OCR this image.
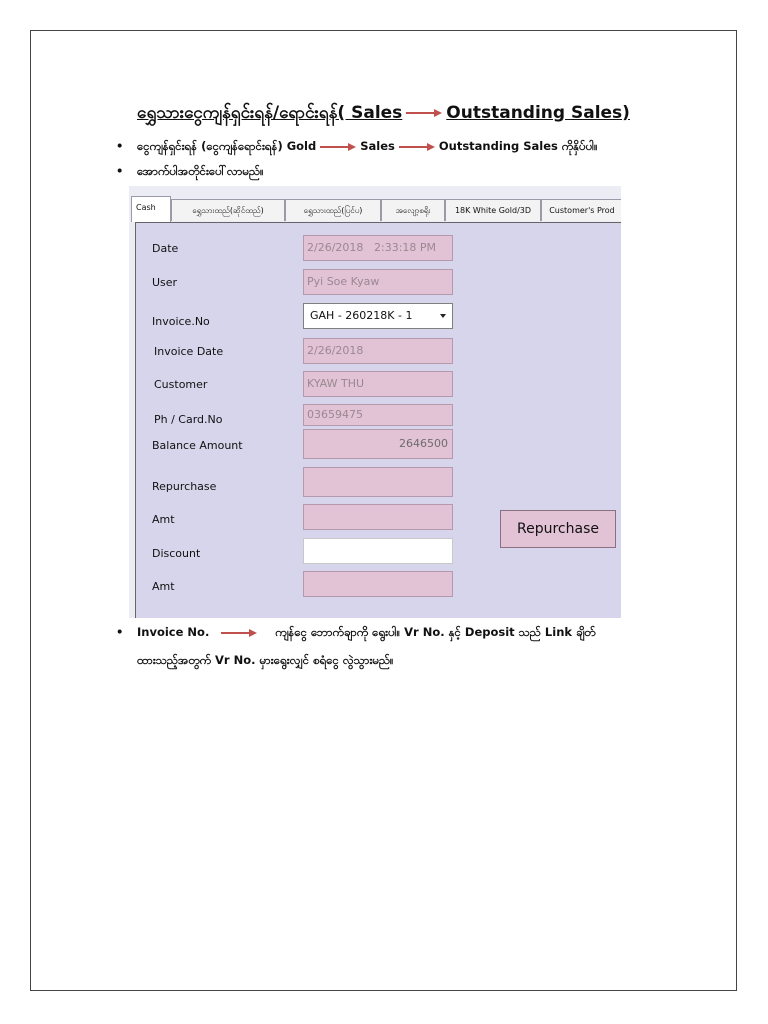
ရွှေသားငွေကျန်ရှင်းရန်/ရောင်းရန်( Sales	Outstanding Sales)
• ငွေကျန်ရှင်းရန် (ငွေကျန်ရောင်းရန်) Gold	Sales	Outstanding Sales ကိုနှိပ်ပါ။
• အောက်ပါအတိုင်းပေါ်လာမည်။
Cash	ရွှေသားထည်(ဆိုင်ထည်)	ရွှေသားထည်(ပြင်ပ)	အလျော့စရိုး	18K White Gold/3D	Customer's Prod
Date	2/26/2018 2:33:18 PM
User	Pyi Soe Kyaw
Invoice.No	GAH - 260218K - 1
Invoice Date	2/26/2018
Customer	KYAW THU
Ph / Card.No	03659475
Balance Amount	2646500
Repurchase
Amt
Discount
Amt
Repurchase
• Invoice No.	ကျန်ငွေ ဘောက်ချာကို ရွေးပါ။ Vr No. နှင့် Deposit သည် Link ချိတ်
ထားသည့်အတွက် Vr No. မှားရွေးလျှင် စရံငွေ လွဲသွားမည်။
